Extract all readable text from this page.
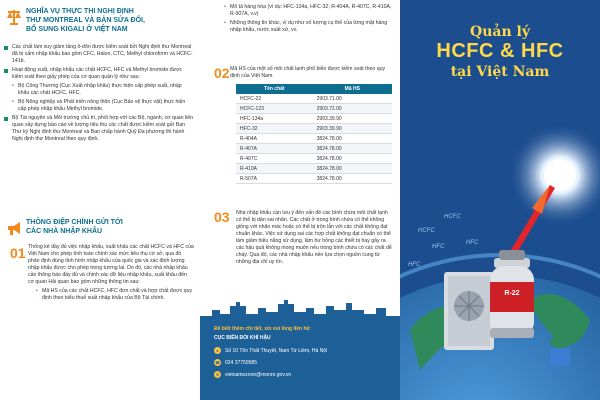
NGHĨA VỤ THỰC THI NGHỊ ĐỊNH
THƯ MONTREAL VÀ BẢN SỬA ĐỔI,
BỔ SUNG KIGALI Ở VIỆT NAM
Các chất làm suy giảm tầng ô-dôn được kiểm soát bởi Nghị định thư Montreal đã bị cấm nhập khẩu bao gồm CFC, Halon, CTC, Methyl chloroform và HCFC-141b.
Hoạt động xuất, nhập khẩu các chất HCFC, HFC và Methyl bromide được kiểm soát theo giấy phép của cơ quan quản lý như sau:
• Bộ Công Thương (Cục Xuất nhập khẩu) thực hiện cấp phép xuất, nhập khẩu các chất HCFC, HFC.
• Bộ Nông nghiệp và Phát triển nông thôn (Cục Bảo vệ thực vật) thực hiện cấp phép nhập khẩu Methyl bromide.
Bộ Tài nguyên và Môi trường chủ trì, phối hợp với các Bộ, ngành, cơ quan liên quan xây dựng báo cáo về lượng tiêu thụ các chất được kiểm soát gửi Ban Thư ký Nghị định thư Montreal và Ban chấp hành Quỹ Đa phương thi hành Nghị định thư Montreal theo quy định.
THÔNG ĐIỆP CHÍNH GỬI TỚI
CÁC NHÀ NHẬP KHẨU
01 Thống kê đầy đủ việc nhập khẩu, xuất khẩu các chất HCFC và HFC của Việt Nam cho phép tính toán chính xác mức tiêu thụ cơ sở, qua đó phân định đúng tỉnh hình nhập khẩu của quốc gia và xác định lượng nhập khẩu được cho phép trong tương lai. Do đó, các nhà nhập khẩu cần thông báo đầy đủ và chính xác dữ liệu nhập khẩu, xuất khẩu đến cơ quan Hải quan bao gồm những thông tin sau:

• Mã HS của các chất HCFC, HFC đơn chất và hợp chất được quy định theo biểu thuế xuất nhập khẩu của Bộ Tài chính.
• Mô tả hàng hóa (ví dụ: HFC-134a, HFC-32, R-404A, R-407C, R-410A, R-507A, v.v)
• Những thông tin khác, ví dụ như số lượng cụ thể của từng mặt hàng nhập khẩu, nước xuất xứ, vv.
02 Mã HS của một số môi chất lạnh phổ biến được kiểm soát theo quy định của Việt Nam.
Tên chất	Mã HS
HCFC-22	2903.71.00
HCFC-123	2903.72.00
HFC-134a	2903.39.90
HFC-32	2903.39.90
R-404A	3824.78.00
R-407A	3824.78.00
R-407C	3824.78.00
R-410A	3824.78.00
R-507A	3824.78.00
03 Nhà nhập khẩu cần lưu ý đến vấn đề các bình chứa môi chất lạnh có thể bị dán sai nhãn. Các chất ở trong bình chứa có thể không giống với nhãn mác hoặc có thể bị trộn lẫn với các chất không đạt chuẩn khác. Việc sử dụng sai các hợp chất không đạt chuẩn có thể làm giảm hiệu năng sử dụng, làm hư hỏng các thiết bị hay gây ra các hậu quả không mong muốn nếu trong bình chứa có các chất dễ cháy. Qua đó, các nhà nhập khẩu nên lựa chọn nguồn cung từ những địa chỉ uy tín.
Để biết thêm chi tiết, xin vui lòng liên hệ:
CỤC BIẾN ĐỔI KHÍ HẬU
●	Số 10 Tôn Thất Thuyết, Nam Từ Liêm, Hà Nội
☎ 024 37759585
✉	vietnamozone@monre.gov.vn
Quản lý
HCFC & HFC
tại Việt Nam
HCFC
HCFC
HFC
HFC
HFC
R-22
